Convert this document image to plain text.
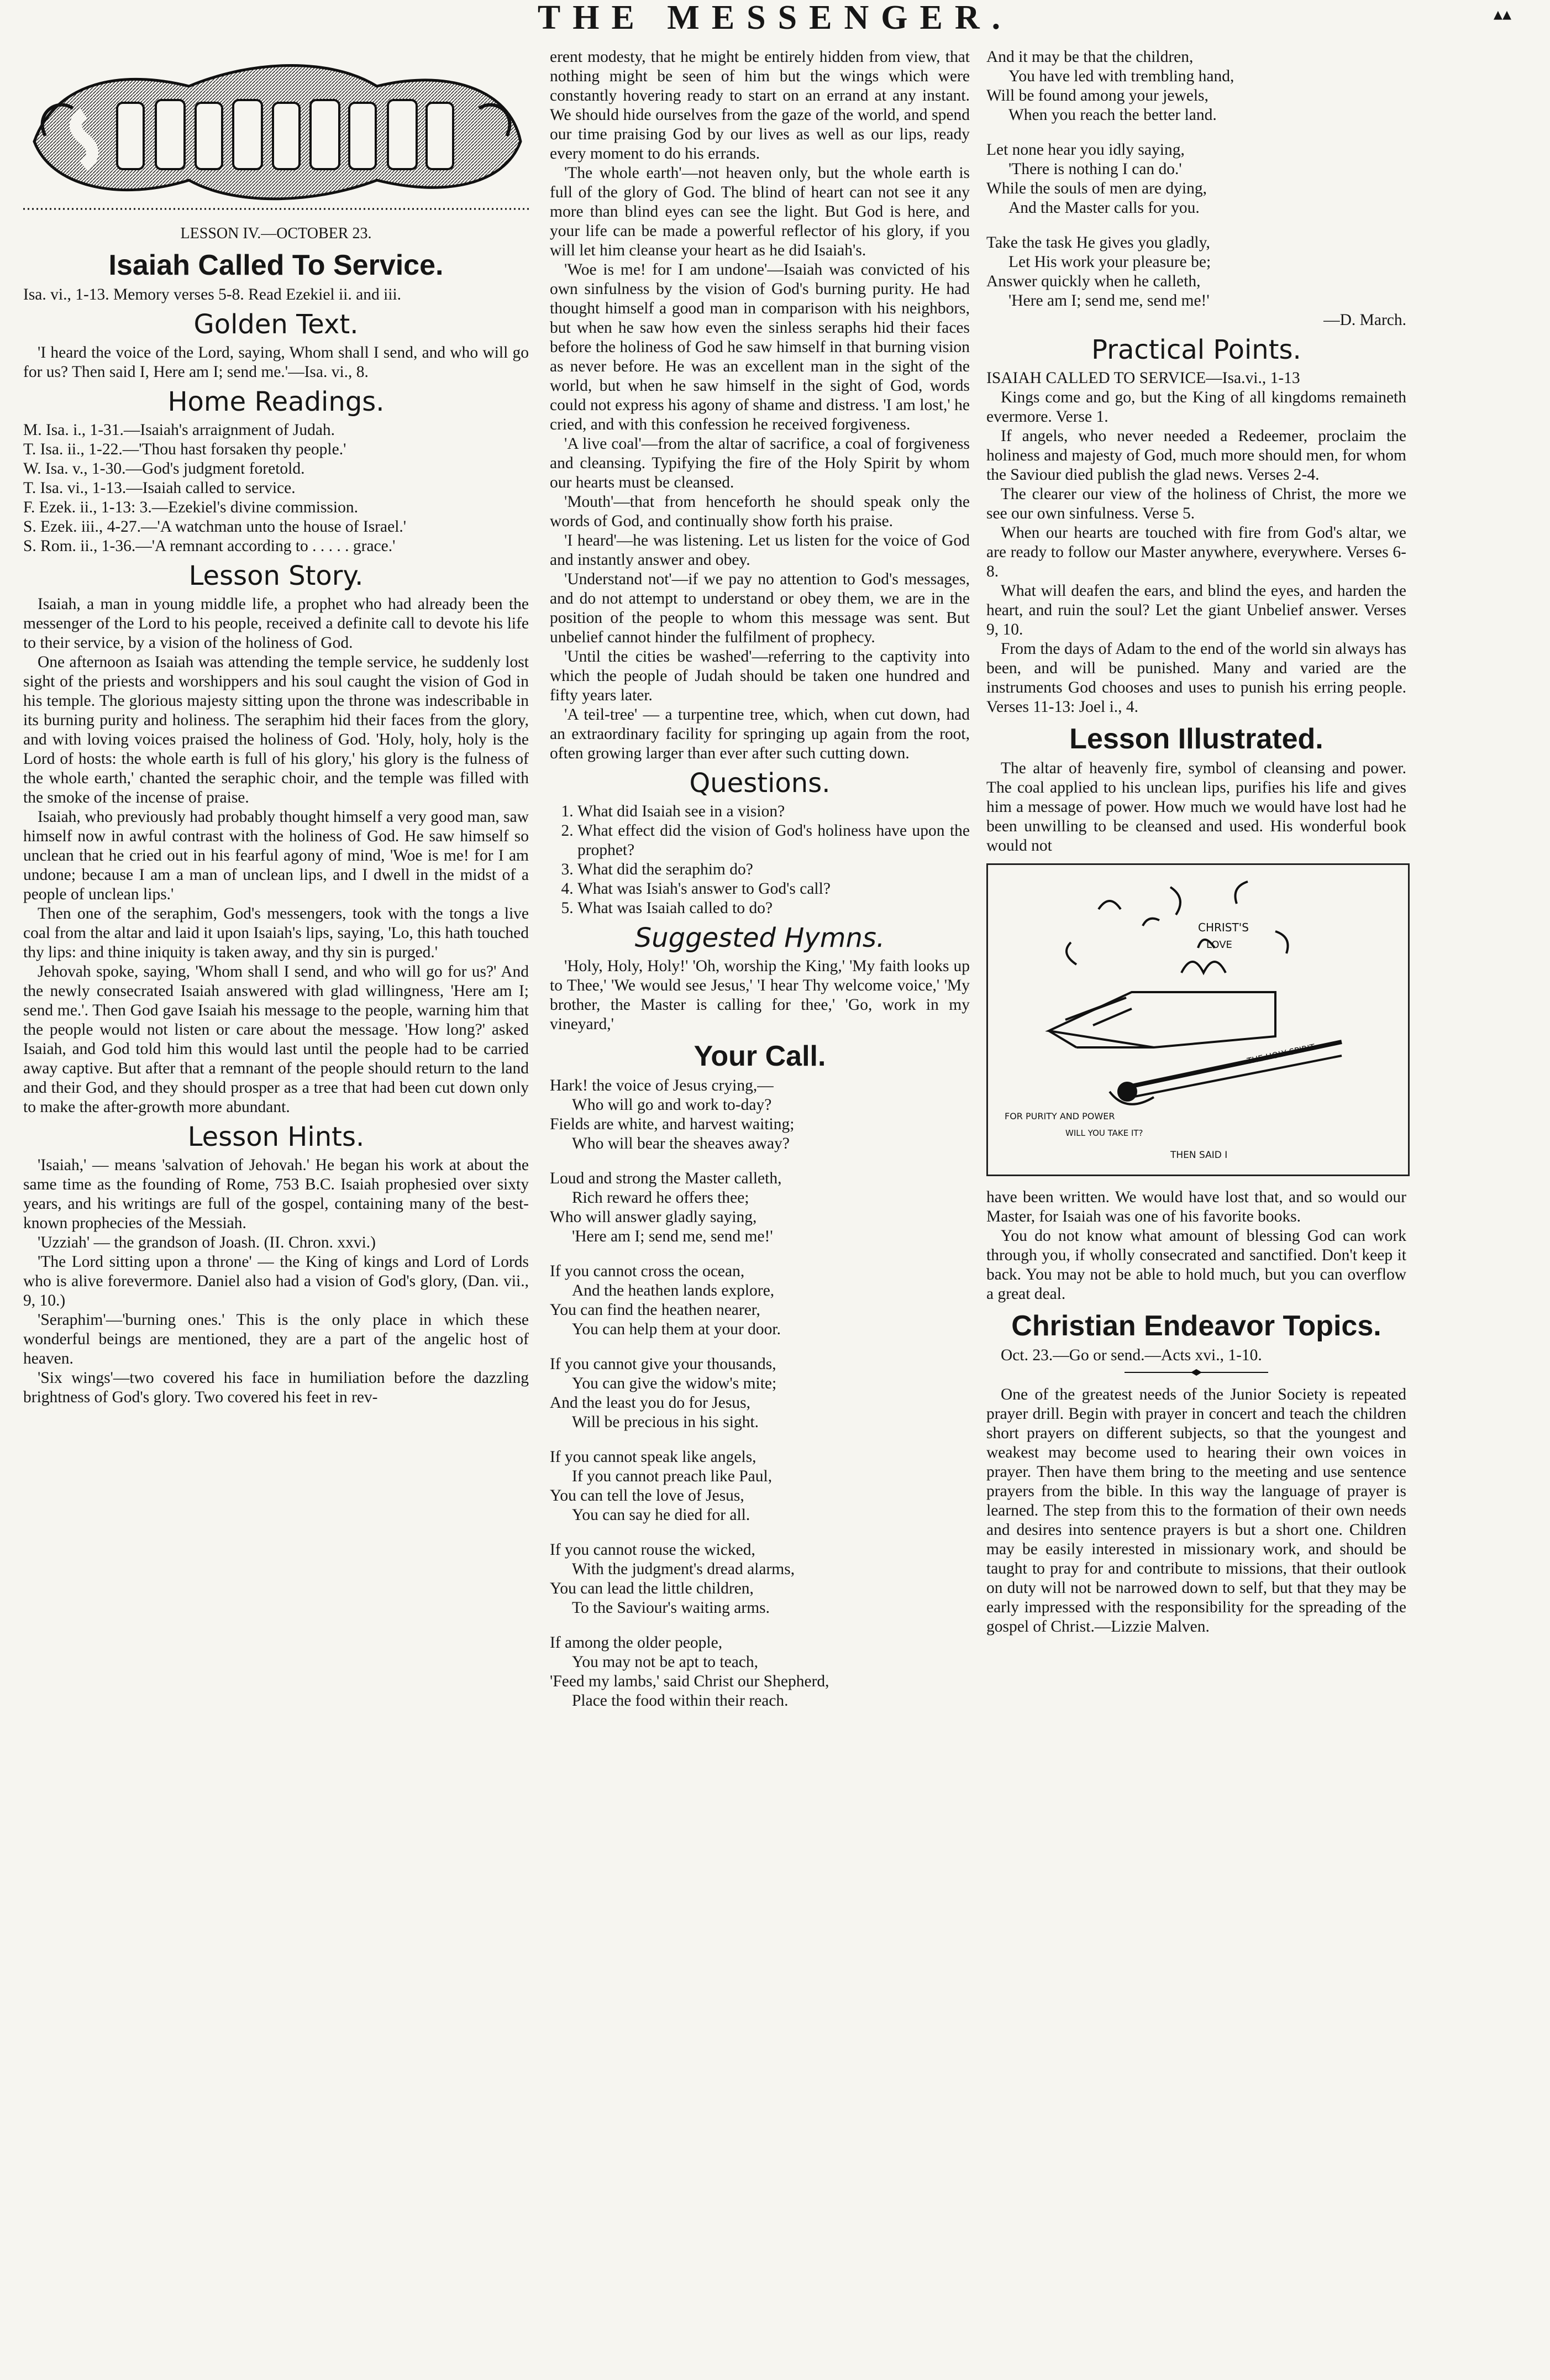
THE MESSENGER.	▴▴
LESSON IV.—OCTOBER 23.
Isaiah Called To Service.

Isa. vi., 1-13. Memory verses 5-8. Read Ezekiel ii. and iii.

Golden Text.

'I heard the voice of the Lord, saying, Whom shall I send, and who will go for us? Then said I, Here am I; send me.'—Isa. vi., 8.

Home Readings.
M. Isa. i., 1-31.—Isaiah's arraignment of Judah.
T. Isa. ii., 1-22.—'Thou hast forsaken thy people.'
W. Isa. v., 1-30.—God's judgment foretold.
T. Isa. vi., 1-13.—Isaiah called to service.
F. Ezek. ii., 1-13: 3.—Ezekiel's divine commission.
S. Ezek. iii., 4-27.—'A watchman unto the house of Israel.'
S. Rom. ii., 1-36.—'A remnant according to . . . . . grace.'
Lesson Story.

Isaiah, a man in young middle life, a prophet who had already been the messenger of the Lord to his people, received a definite call to devote his life to their service, by a vision of the holiness of God.

One afternoon as Isaiah was attending the temple service, he suddenly lost sight of the priests and worshippers and his soul caught the vision of God in his temple. The glorious majesty sitting upon the throne was indescribable in its burning purity and holiness. The seraphim hid their faces from the glory, and with loving voices praised the holiness of God. 'Holy, holy, holy is the Lord of hosts: the whole earth is full of his glory,' his glory is the fulness of the whole earth,' chanted the seraphic choir, and the temple was filled with the smoke of the incense of praise.

Isaiah, who previously had probably thought himself a very good man, saw himself now in awful contrast with the holiness of God. He saw himself so unclean that he cried out in his fearful agony of mind, 'Woe is me! for I am undone; because I am a man of unclean lips, and I dwell in the midst of a people of unclean lips.'

Then one of the seraphim, God's messengers, took with the tongs a live coal from the altar and laid it upon Isaiah's lips, saying, 'Lo, this hath touched thy lips: and thine iniquity is taken away, and thy sin is purged.'

Jehovah spoke, saying, 'Whom shall I send, and who will go for us?' And the newly consecrated Isaiah answered with glad willingness, 'Here am I; send me.'. Then God gave Isaiah his message to the people, warning him that the people would not listen or care about the message. 'How long?' asked Isaiah, and God told him this would last until the people had to be carried away captive. But after that a remnant of the people should return to the land and their God, and they should prosper as a tree that had been cut down only to make the after-growth more abundant.

Lesson Hints.

'Isaiah,' — means 'salvation of Jehovah.' He began his work at about the same time as the founding of Rome, 753 B.C. Isaiah prophesied over sixty years, and his writings are full of the gospel, containing many of the best-known prophecies of the Messiah.

'Uzziah' — the grandson of Joash. (II. Chron. xxvi.)

'The Lord sitting upon a throne' — the King of kings and Lord of Lords who is alive forevermore. Daniel also had a vision of God's glory, (Dan. vii., 9, 10.)

'Seraphim'—'burning ones.' This is the only place in which these wonderful beings are mentioned, they are a part of the angelic host of heaven.

'Six wings'—two covered his face in humiliation before the dazzling brightness of God's glory. Two covered his feet in rev-

erent modesty, that he might be entirely hidden from view, that nothing might be seen of him but the wings which were constantly hovering ready to start on an errand at any instant. We should hide ourselves from the gaze of the world, and spend our time praising God by our lives as well as our lips, ready every moment to do his errands.

'The whole earth'—not heaven only, but the whole earth is full of the glory of God. The blind of heart can not see it any more than blind eyes can see the light. But God is here, and your life can be made a powerful reflector of his glory, if you will let him cleanse your heart as he did Isaiah's.

'Woe is me! for I am undone'—Isaiah was convicted of his own sinfulness by the vision of God's burning purity. He had thought himself a good man in comparison with his neighbors, but when he saw how even the sinless seraphs hid their faces before the holiness of God he saw himself in that burning vision as never before. He was an excellent man in the sight of the world, but when he saw himself in the sight of God, words could not express his agony of shame and distress. 'I am lost,' he cried, and with this confession he received forgiveness.

'A live coal'—from the altar of sacrifice, a coal of forgiveness and cleansing. Typifying the fire of the Holy Spirit by whom our hearts must be cleansed.

'Mouth'—that from henceforth he should speak only the words of God, and continually show forth his praise.

'I heard'—he was listening. Let us listen for the voice of God and instantly answer and obey.

'Understand not'—if we pay no attention to God's messages, and do not attempt to understand or obey them, we are in the position of the people to whom this message was sent. But unbelief cannot hinder the fulfilment of prophecy.

'Until the cities be washed'—referring to the captivity into which the people of Judah should be taken one hundred and fifty years later.

'A teil-tree' — a turpentine tree, which, when cut down, had an extraordinary facility for springing up again from the root, often growing larger than ever after such cutting down.

Questions.
1. What did Isaiah see in a vision?
2. What effect did the vision of God's holiness have upon the prophet?
3. What did the seraphim do?
4. What was Isiah's answer to God's call?
5. What was Isaiah called to do?
Suggested Hymns.

'Holy, Holy, Holy!' 'Oh, worship the King,' 'My faith looks up to Thee,' 'We would see Jesus,' 'I hear Thy welcome voice,' 'My brother, the Master is calling for thee,' 'Go, work in my vineyard,'

Your Call.
Hark! the voice of Jesus crying,—
Who will go and work to-day?
Fields are white, and harvest waiting;
Who will bear the sheaves away?
Loud and strong the Master calleth,
Rich reward he offers thee;
Who will answer gladly saying,
'Here am I; send me, send me!'
If you cannot cross the ocean,
And the heathen lands explore,
You can find the heathen nearer,
You can help them at your door.
If you cannot give your thousands,
You can give the widow's mite;
And the least you do for Jesus,
Will be precious in his sight.
If you cannot speak like angels,
If you cannot preach like Paul,
You can tell the love of Jesus,
You can say he died for all.
If you cannot rouse the wicked,
With the judgment's dread alarms,
You can lead the little children,
To the Saviour's waiting arms.
If among the older people,
You may not be apt to teach,
'Feed my lambs,' said Christ our Shepherd,
Place the food within their reach.
And it may be that the children,
You have led with trembling hand,
Will be found among your jewels,
When you reach the better land.
Let none hear you idly saying,
'There is nothing I can do.'
While the souls of men are dying,
And the Master calls for you.
Take the task He gives you gladly,
Let His work your pleasure be;
Answer quickly when he calleth,
'Here am I; send me, send me!'
—D. March.
Practical Points.

ISAIAH CALLED TO SERVICE—Isa.vi., 1-13

Kings come and go, but the King of all kingdoms remaineth evermore. Verse 1.

If angels, who never needed a Redeemer, proclaim the holiness and majesty of God, much more should men, for whom the Saviour died publish the glad news. Verses 2-4.

The clearer our view of the holiness of Christ, the more we see our own sinfulness. Verse 5.

When our hearts are touched with fire from God's altar, we are ready to follow our Master anywhere, everywhere. Verses 6-8.

What will deafen the ears, and blind the eyes, and harden the heart, and ruin the soul? Let the giant Unbelief answer. Verses 9, 10.

From the days of Adam to the end of the world sin always has been, and will be punished. Many and varied are the instruments God chooses and uses to punish his erring people. Verses 11-13: Joel i., 4.

Lesson Illustrated.

The altar of heavenly fire, symbol of cleansing and power. The coal applied to his unclean lips, purifies his life and gives him a message of power. How much we would have lost had he been unwilling to be cleansed and used. His wonderful book would not

CHRIST'S
LOVE
THE HOLY SPIRIT
FOR PURITY AND POWER
WILL YOU TAKE IT?
THEN SAID I

have been written. We would have lost that, and so would our Master, for Isaiah was one of his favorite books.

You do not know what amount of blessing God can work through you, if wholly consecrated and sanctified. Don't keep it back. You may not be able to hold much, but you can overflow a great deal.

Christian Endeavor Topics.

Oct. 23.—Go or send.—Acts xvi., 1-10.

One of the greatest needs of the Junior Society is repeated prayer drill. Begin with prayer in concert and teach the children short prayers on different subjects, so that the youngest and weakest may become used to hearing their own voices in prayer. Then have them bring to the meeting and use sentence prayers from the bible. In this way the language of prayer is learned. The step from this to the formation of their own needs and desires into sentence prayers is but a short one. Children may be easily interested in missionary work, and should be taught to pray for and contribute to missions, that their outlook on duty will not be narrowed down to self, but that they may be early impressed with the responsibility for the spreading of the gospel of Christ.—Lizzie Malven.
